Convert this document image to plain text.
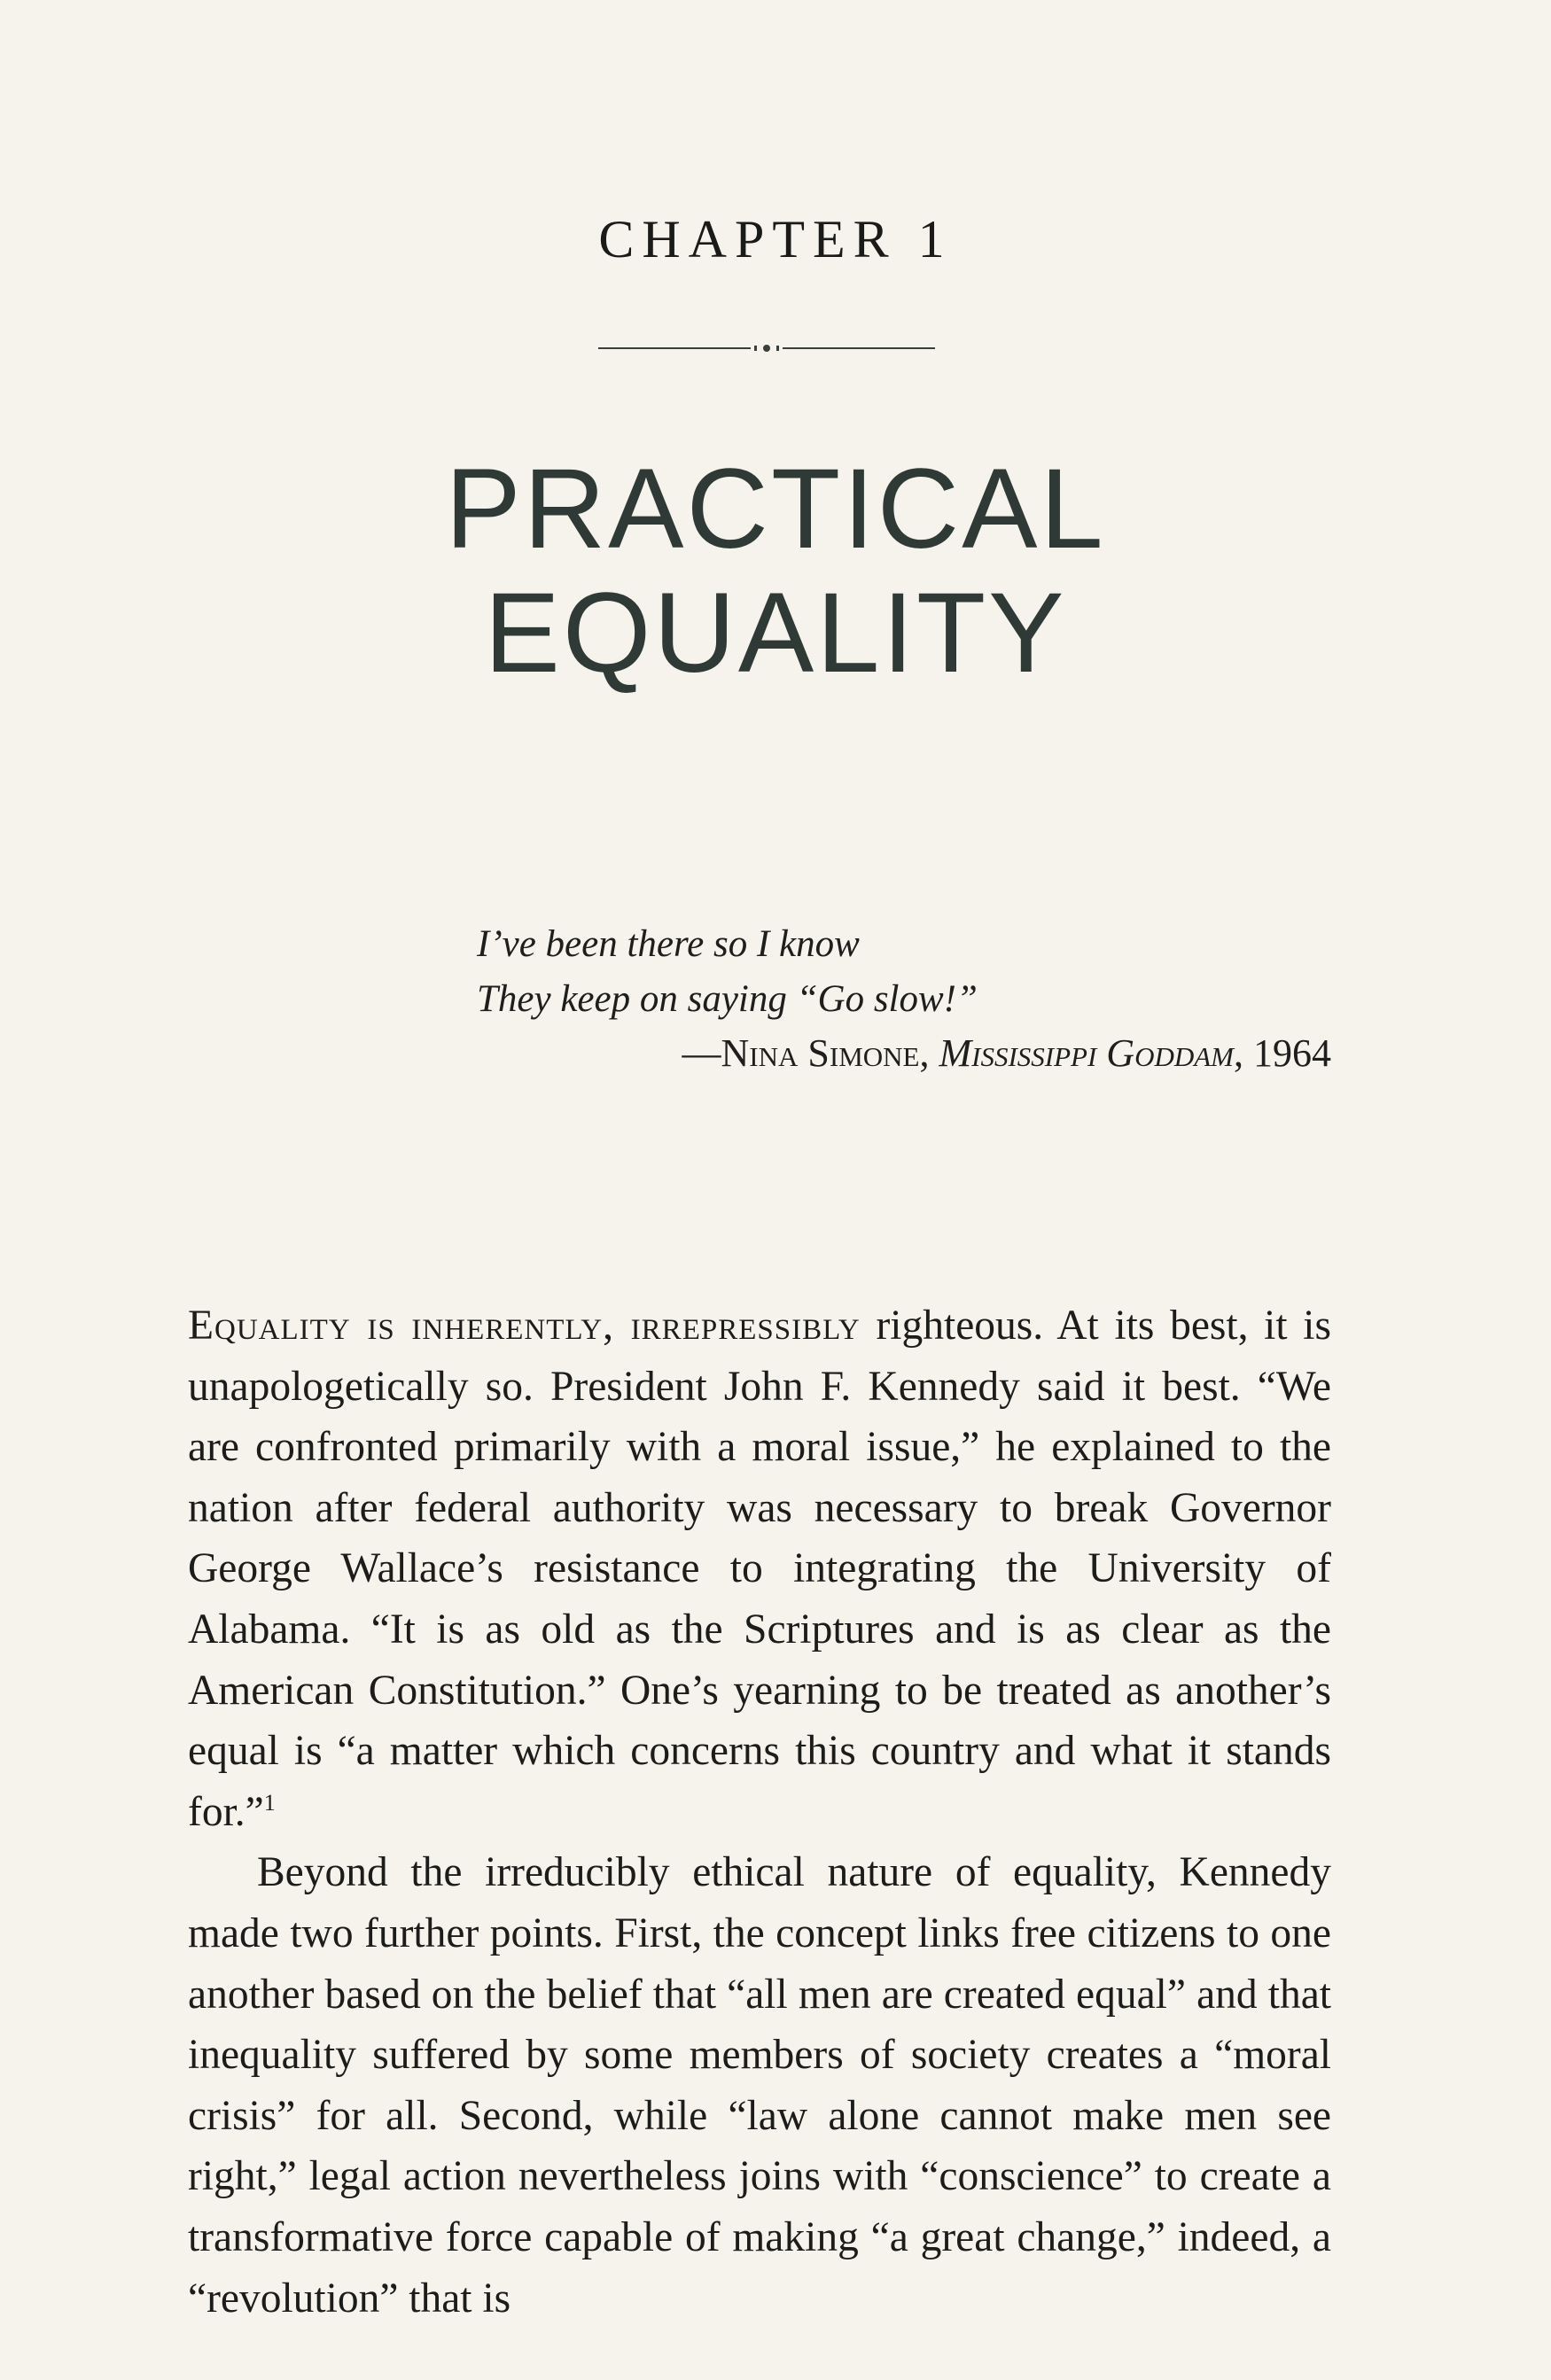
CHAPTER 1
PRACTICAL
EQUALITY
I’ve been there so I know
They keep on saying “Go slow!”
—Nina Simone, Mississippi Goddam, 1964

Equality is inherently, irrepressibly righteous. At its best, it is unapologetically so. President John F. Kennedy said it best. “We are confronted primarily with a moral issue,” he explained to the nation after federal authority was necessary to break Governor George Wallace’s resistance to integrating the University of Alabama. “It is as old as the Scriptures and is as clear as the American Constitution.” One’s yearning to be treated as another’s equal is “a matter which concerns this country and what it stands for.”$^1$

Beyond the irreducibly ethical nature of equality, Kennedy made two further points. First, the concept links free citizens to one another based on the belief that “all men are created equal” and that inequality suffered by some members of society creates a “moral crisis” for all. Second, while “law alone cannot make men see right,” legal action nevertheless joins with “conscience” to create a transformative force capable of making “a great change,” indeed, a “revolution” that is
